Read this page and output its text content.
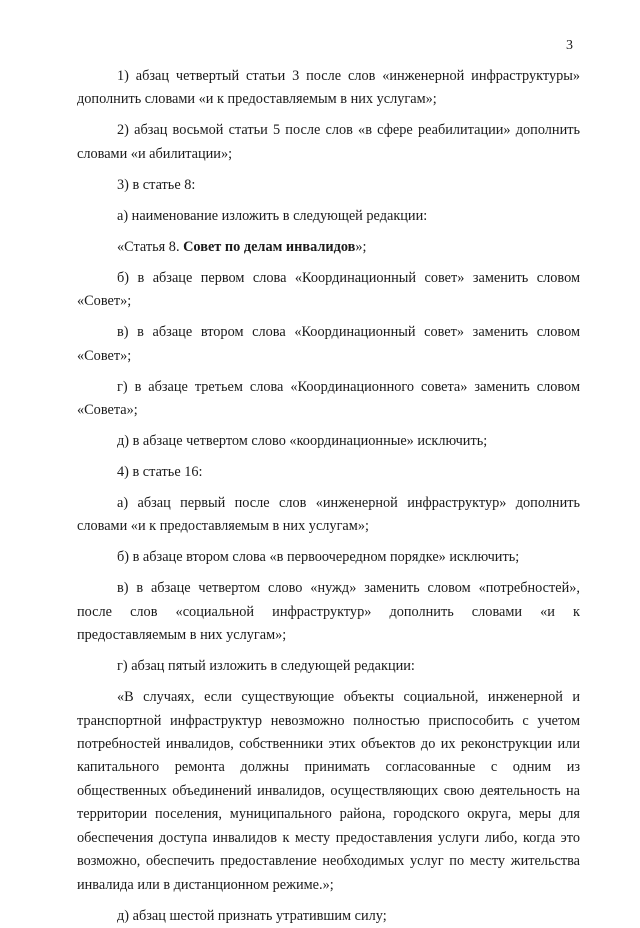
3

1) абзац четвертый статьи 3 после слов «инженерной инфраструктуры» дополнить словами «и к предоставляемым в них услугам»;

2) абзац восьмой статьи 5 после слов «в сфере реабилитации» дополнить словами «и абилитации»;

3) в статье 8:

а) наименование изложить в следующей редакции:

«Статья 8. Совет по делам инвалидов»;

б) в абзаце первом слова «Координационный совет» заменить словом «Совет»;

в) в абзаце втором слова «Координационный совет» заменить словом «Совет»;

г) в абзаце третьем слова «Координационного совета» заменить словом «Совета»;

д) в абзаце четвертом слово «координационные» исключить;

4) в статье 16:

а) абзац первый после слов «инженерной инфраструктур» дополнить словами «и к предоставляемым в них услугам»;

б) в абзаце втором слова «в первоочередном порядке» исключить;

в) в абзаце четвертом слово «нужд» заменить словом «потребностей», после слов «социальной инфраструктур» дополнить словами «и к предоставляемым в них услугам»;

г) абзац пятый изложить в следующей редакции:

«В случаях, если существующие объекты социальной, инженерной и транспортной инфраструктур невозможно полностью приспособить с учетом потребностей инвалидов, собственники этих объектов до их реконструкции или капитального ремонта должны принимать согласованные с одним из общественных объединений инвалидов, осуществляющих свою деятельность на территории поселения, муниципального района, городского округа, меры для обеспечения доступа инвалидов к месту предоставления услуги либо, когда это возможно, обеспечить предоставление необходимых услуг по месту жительства инвалида или в дистанционном режиме.»;

д) абзац шестой признать утратившим силу;
